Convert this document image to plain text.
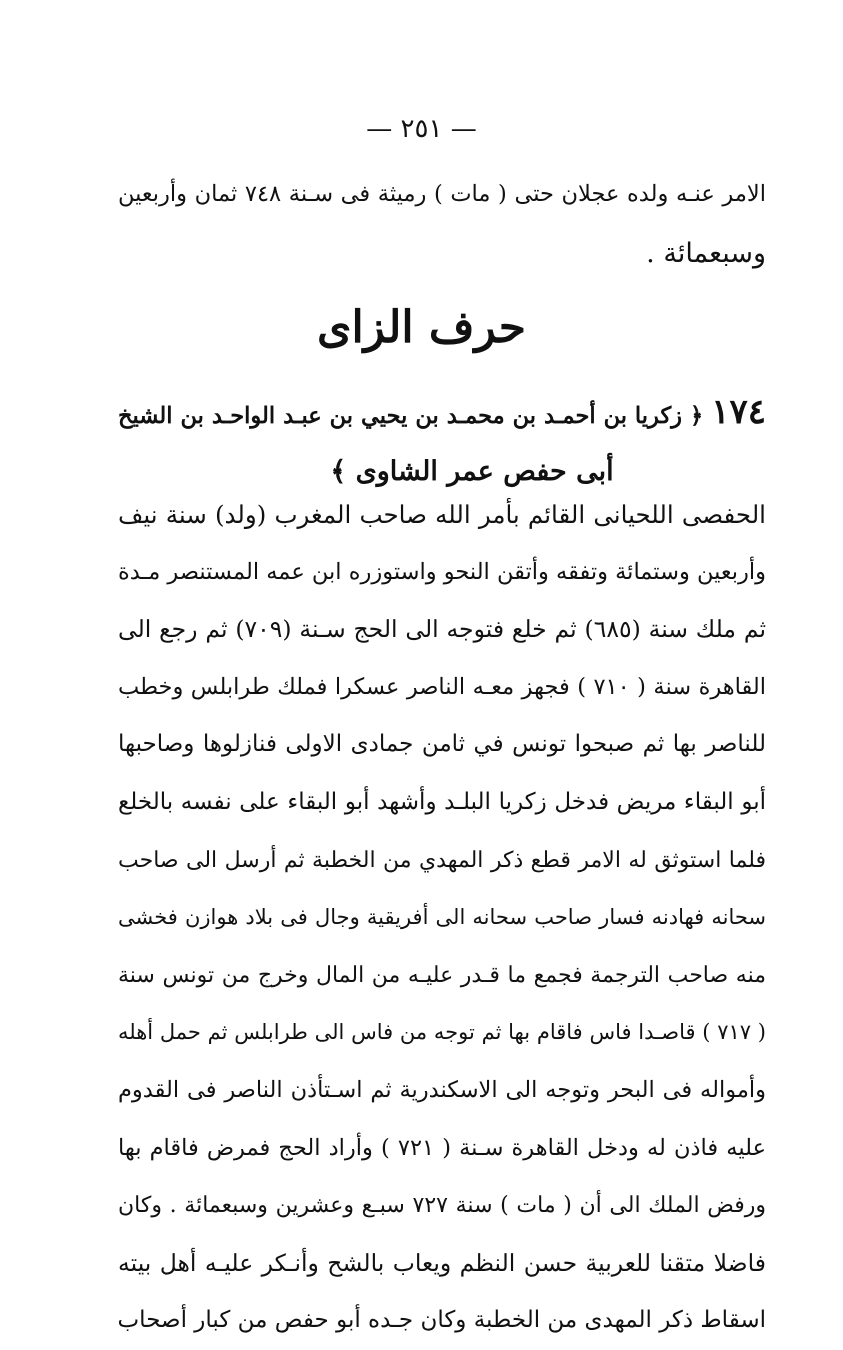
— ٢٥١ —
الامر عنـه ولده عجلان حتى ( مات ) رميثة فى سـنة ٧٤٨ ثمان وأربعين
وسبعمائة .
حرف الزاى
١٧٤﴿ زكريا بن أحمـد بن محمـد بن يحيي بن عبـد الواحـد بن الشيخ
أبى حفص عمر الشاوى ﴾
الحفصى اللحيانى القائم بأمر الله صاحب المغرب (ولد) سنة نيف
وأربعين وستمائة وتفقه وأتقن النحو واستوزره ابن عمه المستنصر مـدة
ثم ملك سنة (٦٨٥) ثم خلع فتوجه الى الحج سـنة (٧٠٩) ثم رجع الى
القاهرة سنة ( ٧١٠ ) فجهز معـه الناصر عسكرا فملك طرابلس وخطب
للناصر بها ثم صبحوا تونس في ثامن جمادى الاولى فنازلوها وصاحبها
أبو البقاء مريض فدخل زكريا البلـد وأشهد أبو البقاء على نفسه بالخلع
فلما استوثق له الامر قطع ذكر المهدي من الخطبة ثم أرسل الى صاحب
سحانه فهادنه فسار صاحب سحانه الى أفريقية وجال فى بلاد هوازن فخشى
منه صاحب الترجمة فجمع ما قـدر عليـه من المال وخرج من تونس سنة
( ٧١٧ ) قاصـدا فاس فاقام بها ثم توجه من فاس الى طرابلس ثم حمل أهله
وأمواله فى البحر وتوجه الى الاسكندرية ثم اسـتأذن الناصر فى القدوم
عليه فاذن له ودخل القاهرة سـنة ( ٧٢١ ) وأراد الحج فمرض فاقام بها
ورفض الملك الى أن ( مات ) سنة ٧٢٧ سبـع وعشرين وسبعمائة . وكان
فاضلا متقنا للعربية حسن النظم ويعاب بالشح وأنـكر عليـه أهل بيته
اسقاط ذكر المهدى من الخطبة وكان جـده أبو حفص من كبار أصحاب
